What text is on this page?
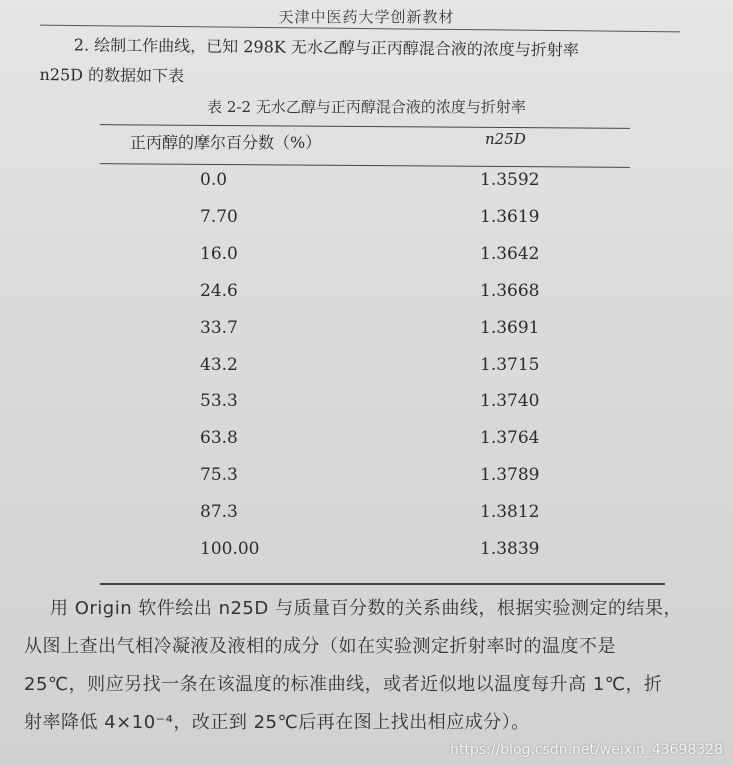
天津中医药大学创新教材
2. 绘制工作曲线，已知 298K 无水乙醇与正丙醇混合液的浓度与折射率
n25D 的数据如下表
表 2-2 无水乙醇与正丙醇混合液的浓度与折射率
正丙醇的摩尔百分数（%）	n25D
0.0	1.3592
7.70	1.3619
16.0	1.3642
24.6	1.3668
33.7	1.3691
43.2	1.3715
53.3	1.3740
63.8	1.3764
75.3	1.3789
87.3	1.3812
100.00	1.3839
用 Origin 软件绘出 n25D 与质量百分数的关系曲线，根据实验测定的结果，
从图上查出气相冷凝液及液相的成分（如在实验测定折射率时的温度不是
25℃，则应另找一条在该温度的标准曲线，或者近似地以温度每升高 1℃，折
射率降低 4×10⁻⁴，改正到 25℃后再在图上找出相应成分）。
https://blog.csdn.net/weixin_43698328
